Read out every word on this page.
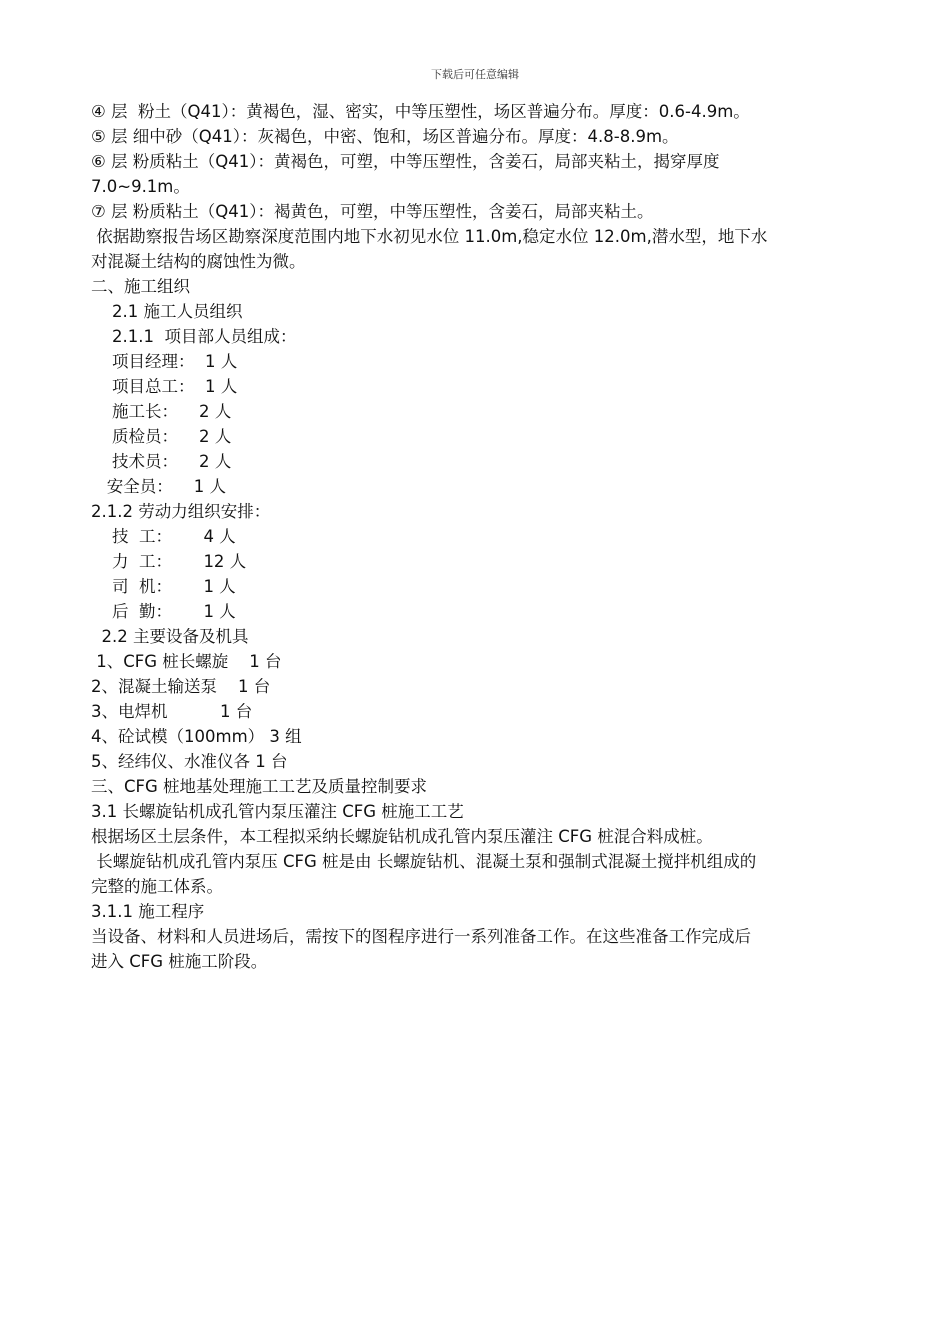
下载后可任意编辑
④ 层  粉土（Q41）：黄褐色，湿、密实，中等压塑性，场区普遍分布。厚度：0.6-4.9m。
⑤ 层 细中砂（Q41）：灰褐色，中密、饱和，场区普遍分布。厚度：4.8-8.9m。
⑥ 层 粉质粘土（Q41）：黄褐色，可塑，中等压塑性，含姜石，局部夹粘土，揭穿厚度
7.0~9.1m。
⑦ 层 粉质粘土（Q41）：褐黄色，可塑，中等压塑性，含姜石，局部夹粘土。
依据勘察报告场区勘察深度范围内地下水初见水位 11.0m,稳定水位 12.0m,潜水型，地下水
对混凝土结构的腐蚀性为微。
二、施工组织
2.1 施工人员组织
2.1.1  项目部人员组成：
项目经理：  1 人
项目总工：  1 人
施工长：    2 人
质检员：    2 人
技术员：    2 人
安全员：    1 人
2.1.2 劳动力组织安排：
技  工：      4 人
力  工：      12 人
司  机：      1 人
后  勤：      1 人
2.2 主要设备及机具
1、CFG 桩长螺旋    1 台
2、混凝土输送泵    1 台
3、电焊机          1 台
4、砼试模（100mm） 3 组
5、经纬仪、水准仪各 1 台
三、CFG 桩地基处理施工工艺及质量控制要求
3.1 长螺旋钻机成孔管内泵压灌注 CFG 桩施工工艺
根据场区土层条件，本工程拟采纳长螺旋钻机成孔管内泵压灌注 CFG 桩混合料成桩。
长螺旋钻机成孔管内泵压 CFG 桩是由 长螺旋钻机、混凝土泵和强制式混凝土搅拌机组成的
完整的施工体系。
3.1.1 施工程序
当设备、材料和人员进场后，需按下的图程序进行一系列准备工作。在这些准备工作完成后
进入 CFG 桩施工阶段。
